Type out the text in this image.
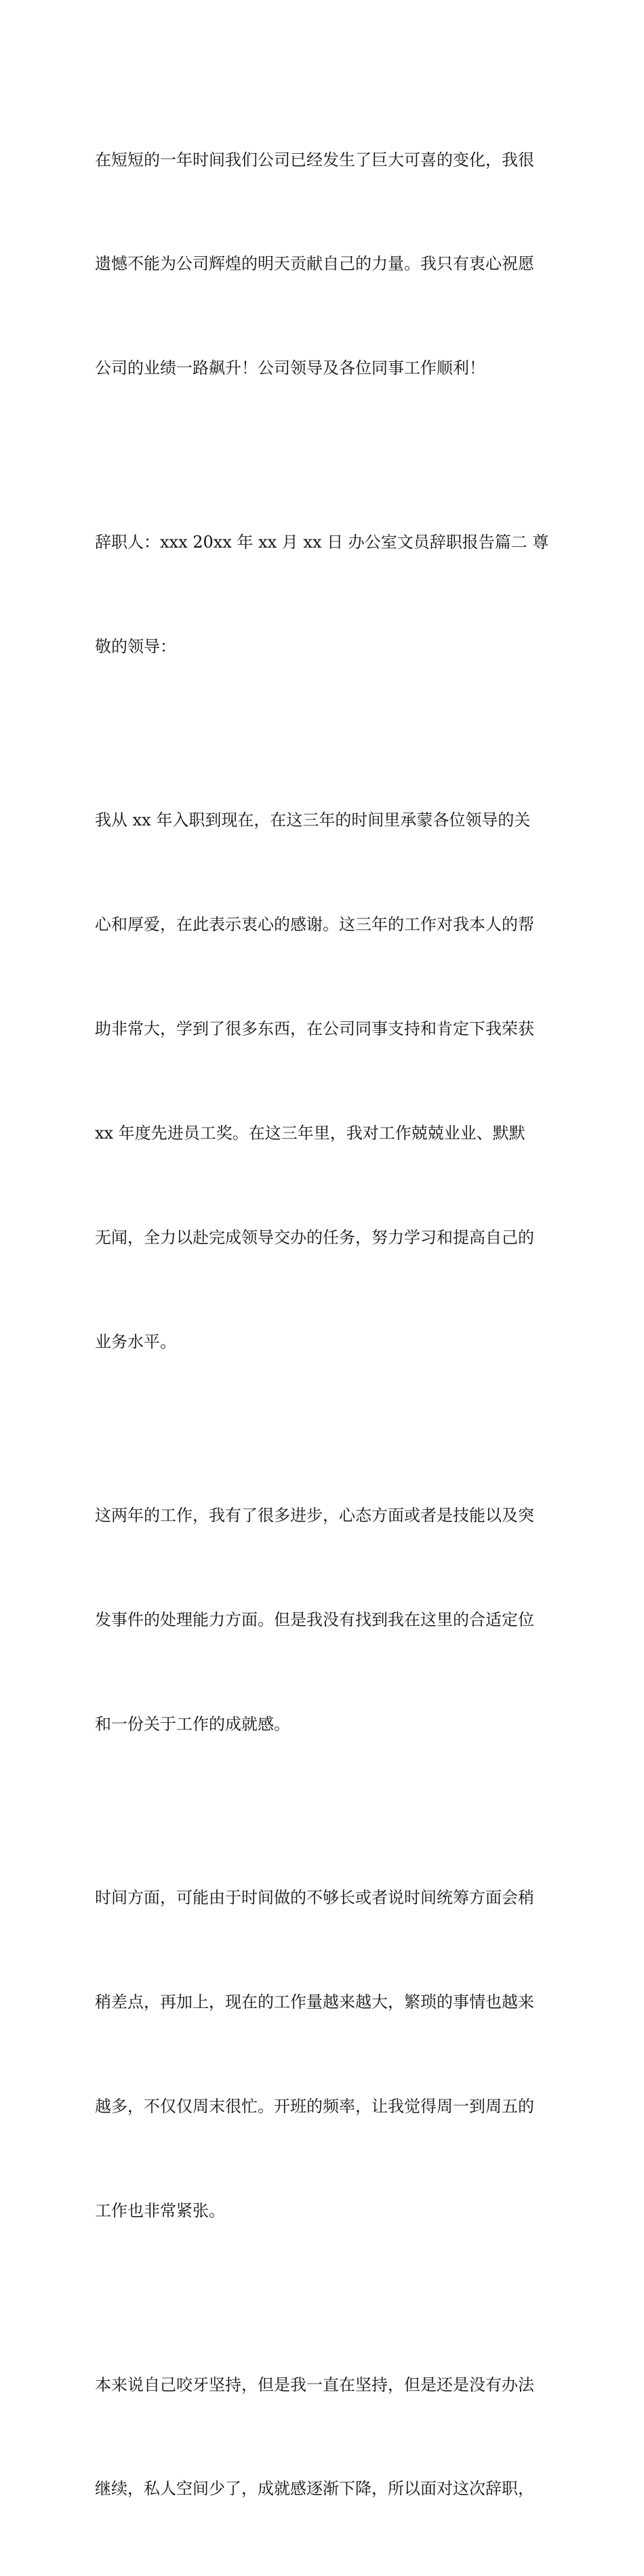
在短短的一年时间我们公司已经发生了巨大可喜的变化，我很

遗憾不能为公司辉煌的明天贡献自己的力量。我只有衷心祝愿

公司的业绩一路飙升！公司领导及各位同事工作顺利！

辞职人：xxx 20xx 年 xx 月 xx 日 办公室文员辞职报告篇二 尊

敬的领导：

我从 xx 年入职到现在，在这三年的时间里承蒙各位领导的关

心和厚爱，在此表示衷心的感谢。这三年的工作对我本人的帮

助非常大，学到了很多东西，在公司同事支持和肯定下我荣获

xx 年度先进员工奖。在这三年里，我对工作兢兢业业、默默

无闻，全力以赴完成领导交办的任务，努力学习和提高自己的

业务水平。

这两年的工作，我有了很多进步，心态方面或者是技能以及突

发事件的处理能力方面。但是我没有找到我在这里的合适定位

和一份关于工作的成就感。

时间方面，可能由于时间做的不够长或者说时间统筹方面会稍

稍差点，再加上，现在的工作量越来越大，繁琐的事情也越来

越多，不仅仅周末很忙。开班的频率，让我觉得周一到周五的

工作也非常紧张。

本来说自己咬牙坚持，但是我一直在坚持，但是还是没有办法

继续，私人空间少了，成就感逐渐下降，所以面对这次辞职，
